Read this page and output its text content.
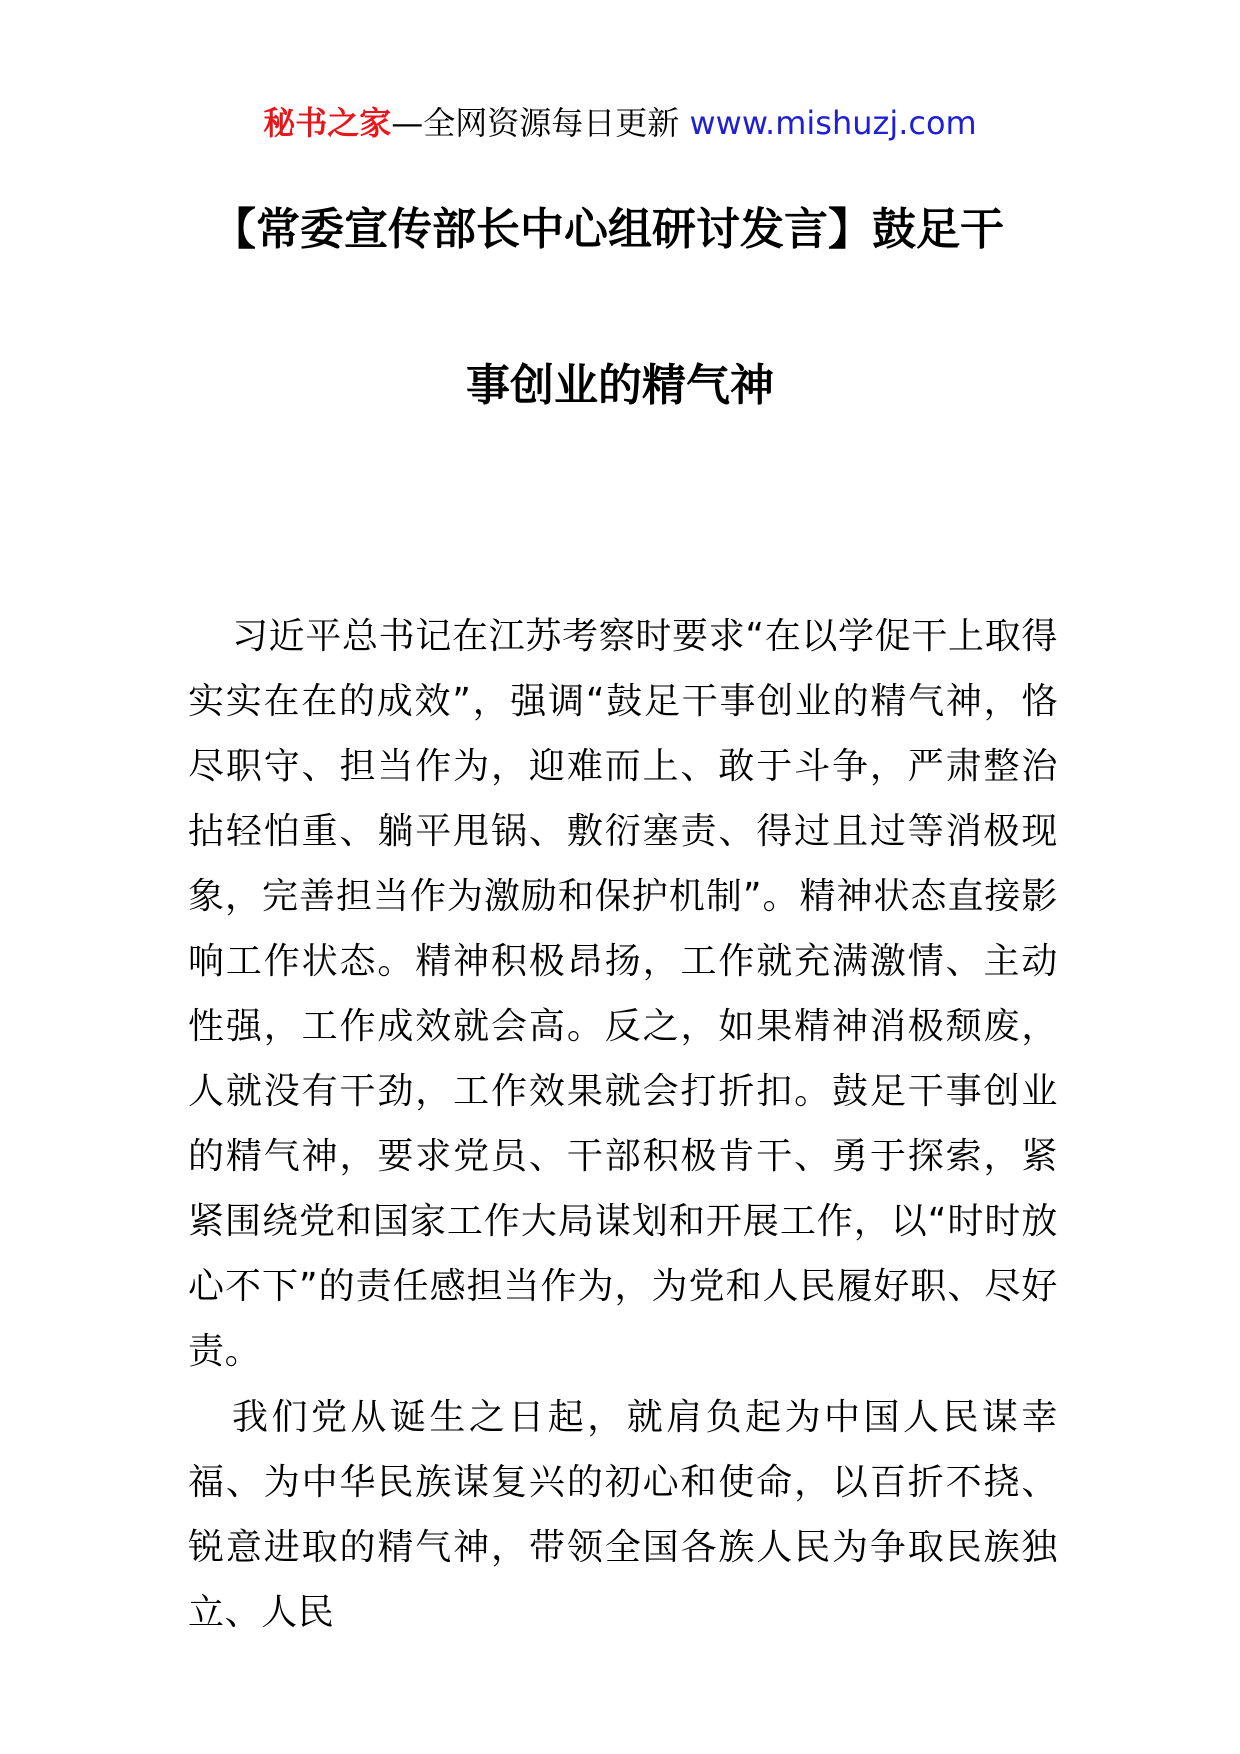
秘书之家—全网资源每日更新 www.mishuzj.com
【常委宣传部长中心组研讨发言】鼓足干
事创业的精气神

习近平总书记在江苏考察时要求“在以学促干上取得实实在在的成效”，强调“鼓足干事创业的精气神，恪尽职守、担当作为，迎难而上、敢于斗争，严肃整治拈轻怕重、躺平甩锅、敷衍塞责、得过且过等消极现象，完善担当作为激励和保护机制”。精神状态直接影响工作状态。精神积极昂扬，工作就充满激情、主动性强，工作成效就会高。反之，如果精神消极颓废，人就没有干劲，工作效果就会打折扣。鼓足干事创业的精气神，要求党员、干部积极肯干、勇于探索，紧紧围绕党和国家工作大局谋划和开展工作，以“时时放心不下”的责任感担当作为，为党和人民履好职、尽好责。

我们党从诞生之日起，就肩负起为中国人民谋幸福、为中华民族谋复兴的初心和使命，以百折不挠、锐意进取的精气神，带领全国各族人民为争取民族独立、人民
